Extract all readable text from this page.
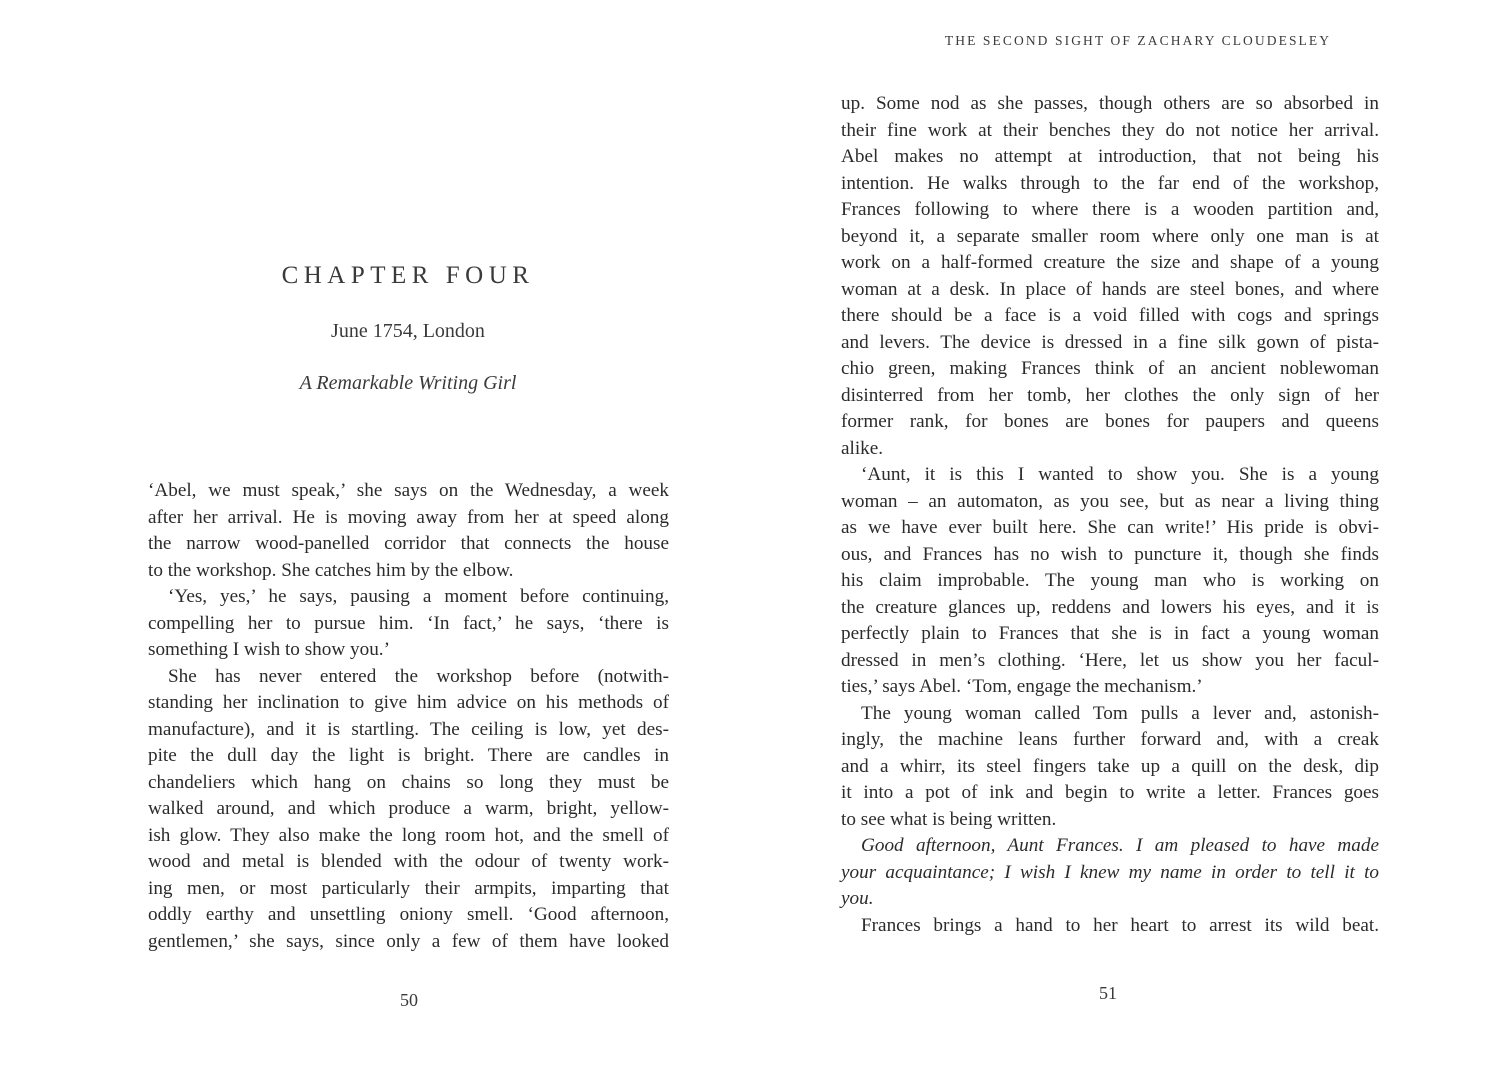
CHAPTER FOUR
June 1754, London
A Remarkable Writing Girl
‘Abel, we must speak,’ she says on the Wednesday, a week
after her arrival. He is moving away from her at speed along
the narrow wood-panelled corridor that connects the house
to the workshop. She catches him by the elbow.
‘Yes, yes,’ he says, pausing a moment before continuing,
compelling her to pursue him. ‘In fact,’ he says, ‘there is
something I wish to show you.’
She has never entered the workshop before (notwith-
standing her inclination to give him advice on his methods of
manufacture), and it is startling. The ceiling is low, yet des-
pite the dull day the light is bright. There are candles in
chandeliers which hang on chains so long they must be
walked around, and which produce a warm, bright, yellow-
ish glow. They also make the long room hot, and the smell of
wood and metal is blended with the odour of twenty work-
ing men, or most particularly their armpits, imparting that
oddly earthy and unsettling oniony smell. ‘Good afternoon,
gentlemen,’ she says, since only a few of them have looked
50
THE SECOND SIGHT OF ZACHARY CLOUDESLEY
up. Some nod as she passes, though others are so absorbed in
their fine work at their benches they do not notice her arrival.
Abel makes no attempt at introduction, that not being his
intention. He walks through to the far end of the workshop,
Frances following to where there is a wooden partition and,
beyond it, a separate smaller room where only one man is at
work on a half-formed creature the size and shape of a young
woman at a desk. In place of hands are steel bones, and where
there should be a face is a void filled with cogs and springs
and levers. The device is dressed in a fine silk gown of pista-
chio green, making Frances think of an ancient noblewoman
disinterred from her tomb, her clothes the only sign of her
former rank, for bones are bones for paupers and queens
alike.
‘Aunt, it is this I wanted to show you. She is a young
woman – an automaton, as you see, but as near a living thing
as we have ever built here. She can write!’ His pride is obvi-
ous, and Frances has no wish to puncture it, though she finds
his claim improbable. The young man who is working on
the creature glances up, reddens and lowers his eyes, and it is
perfectly plain to Frances that she is in fact a young woman
dressed in men’s clothing. ‘Here, let us show you her facul-
ties,’ says Abel. ‘Tom, engage the mechanism.’
The young woman called Tom pulls a lever and, astonish-
ingly, the machine leans further forward and, with a creak
and a whirr, its steel fingers take up a quill on the desk, dip
it into a pot of ink and begin to write a letter. Frances goes
to see what is being written.
Good afternoon, Aunt Frances. I am pleased to have made
your acquaintance; I wish I knew my name in order to tell it to
you.
Frances brings a hand to her heart to arrest its wild beat.
51
